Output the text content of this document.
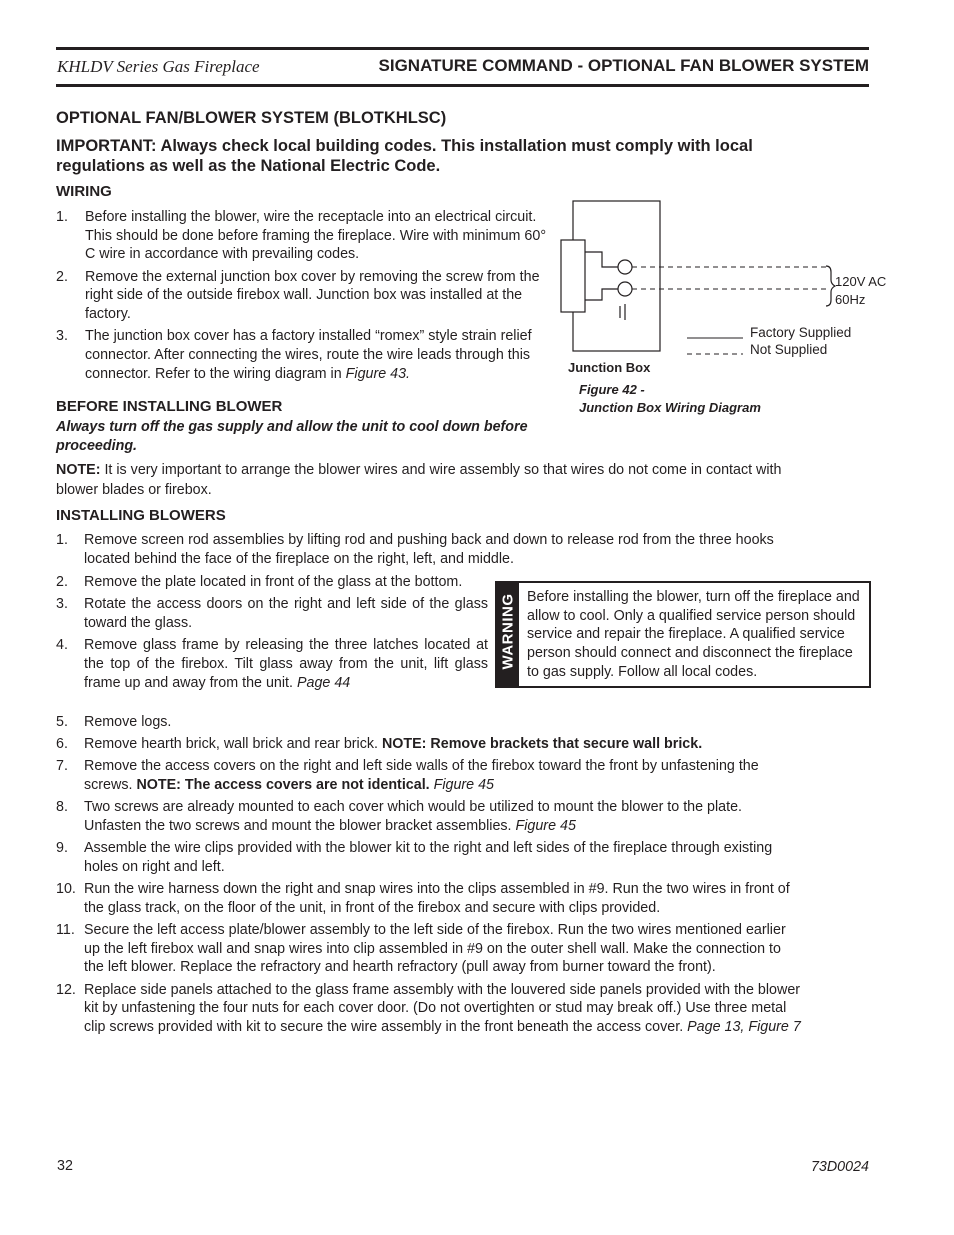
KHLDV Series Gas Fireplace	SIGNATURE COMMAND - OPTIONAL FAN BLOWER SYSTEM
OPTIONAL FAN/BLOWER SYSTEM (BLOTKHLSC)
IMPORTANT: Always check local building codes. This installation must comply with local regulations as well as the National Electric Code.
WIRING
1. Before installing the blower, wire the receptacle into an electrical circuit. This should be done before framing the fireplace. Wire with minimum 60° C wire in accordance with prevailing codes.
2. Remove the external junction box cover by removing the screw from the right side of the outside firebox wall. Junction box was installed at the factory.
3. The junction box cover has a factory installed “romex” style strain relief connector. After connecting the wires, route the wire leads through this connector. Refer to the wiring diagram in Figure 43.
120V AC
60Hz
Factory Supplied
Not Supplied
Junction Box
Figure 42 -
Junction Box Wiring Diagram
BEFORE INSTALLING BLOWER
Always turn off the gas supply and allow the unit to cool down before proceeding.
NOTE: It is very important to arrange the blower wires and wire assembly so that wires do not come in contact with blower blades or firebox.
INSTALLING BLOWERS
1. Remove screen rod assemblies by lifting rod and pushing back and down to release rod from the three hooks located behind the face of the fireplace on the right, left, and middle.
2. Remove the plate located in front of the glass at the bottom.
3. Rotate the access doors on the right and left side of the glass toward the glass.
4. Remove glass frame by releasing the three latches located at the top of the firebox. Tilt glass away from the unit, lift glass frame up and away from the unit. Page 44
WARNING Before installing the blower, turn off the fireplace and allow to cool. Only a qualified service person should service and repair the fireplace. A qualified service person should connect and disconnect the fireplace to gas supply. Follow all local codes.
5. Remove logs.
6. Remove hearth brick, wall brick and rear brick. NOTE: Remove brackets that secure wall brick.
7. Remove the access covers on the right and left side walls of the firebox toward the front by unfastening the screws. NOTE: The access covers are not identical. Figure 45
8. Two screws are already mounted to each cover which would be utilized to mount the blower to the plate. Unfasten the two screws and mount the blower bracket assemblies. Figure 45
9. Assemble the wire clips provided with the blower kit to the right and left sides of the fireplace through existing holes on right and left.
10. Run the wire harness down the right and snap wires into the clips assembled in #9. Run the two wires in front of the glass track, on the floor of the unit, in front of the firebox and secure with clips provided.
11. Secure the left access plate/blower assembly to the left side of the firebox. Run the two wires mentioned earlier up the left firebox wall and snap wires into clip assembled in #9 on the outer shell wall. Make the connection to the left blower. Replace the refractory and hearth refractory (pull away from burner toward the front).
12. Replace side panels attached to the glass frame assembly with the louvered side panels provided with the blower kit by unfastening the four nuts for each cover door. (Do not overtighten or stud may break off.) Use three metal clip screws provided with kit to secure the wire assembly in the front beneath the access cover. Page 13, Figure 7
32	73D0024
